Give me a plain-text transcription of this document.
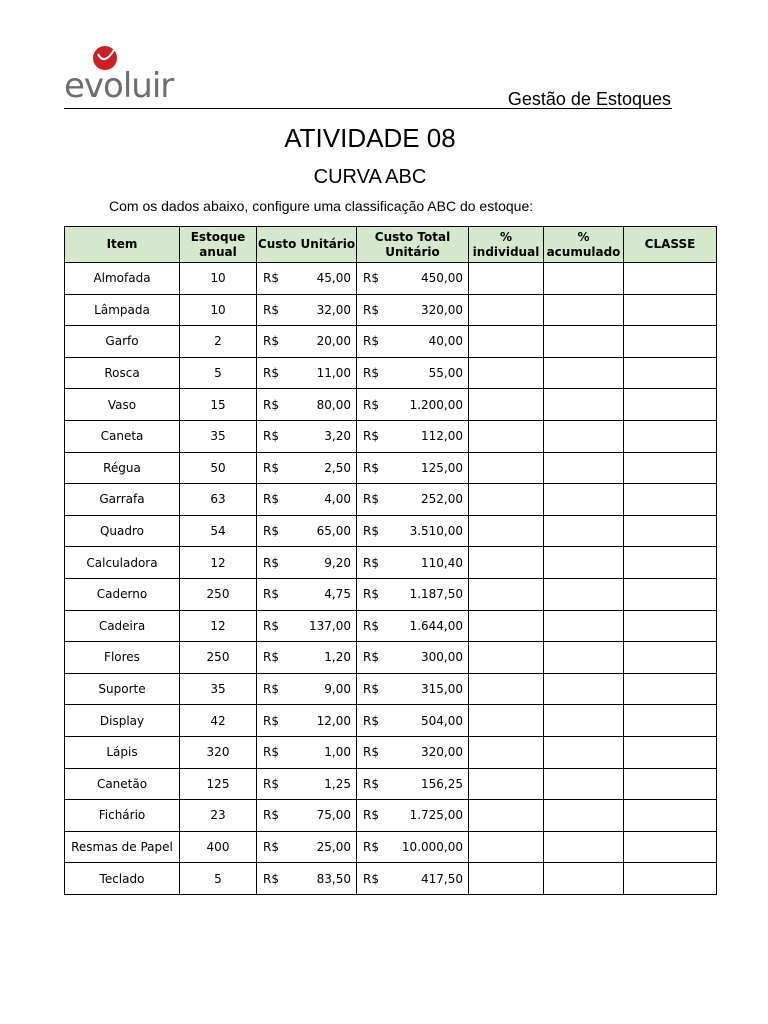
evoluir	Gestão de Estoques
ATIVIDADE 08
CURVA ABC
Com os dados abaixo, configure uma classificação ABC do estoque:
Item	Estoque anual	Custo Unitário	Custo Total Unitário	% individual	% acumulado	CLASSE
Almofada	10	R$ 45,00	R$ 450,00			

Lâmpada	10	R$ 32,00	R$ 320,00			

Garfo	2	R$ 20,00	R$ 40,00			

Rosca	5	R$ 11,00	R$ 55,00			

Vaso	15	R$ 80,00	R$ 1.200,00			

Caneta	35	R$ 3,20	R$ 112,00			

Régua	50	R$ 2,50	R$ 125,00			

Garrafa	63	R$ 4,00	R$ 252,00			

Quadro	54	R$ 65,00	R$ 3.510,00			

Calculadora	12	R$ 9,20	R$ 110,40			

Caderno	250	R$ 4,75	R$ 1.187,50			

Cadeira	12	R$ 137,00	R$ 1.644,00			

Flores	250	R$ 1,20	R$ 300,00			

Suporte	35	R$ 9,00	R$ 315,00			

Display	42	R$ 12,00	R$ 504,00			

Lápis	320	R$ 1,00	R$ 320,00			

Canetão	125	R$ 1,25	R$ 156,25			

Fichário	23	R$ 75,00	R$ 1.725,00			

Resmas de Papel	400	R$ 25,00	R$ 10.000,00			

Teclado	5	R$ 83,50	R$ 417,50			
